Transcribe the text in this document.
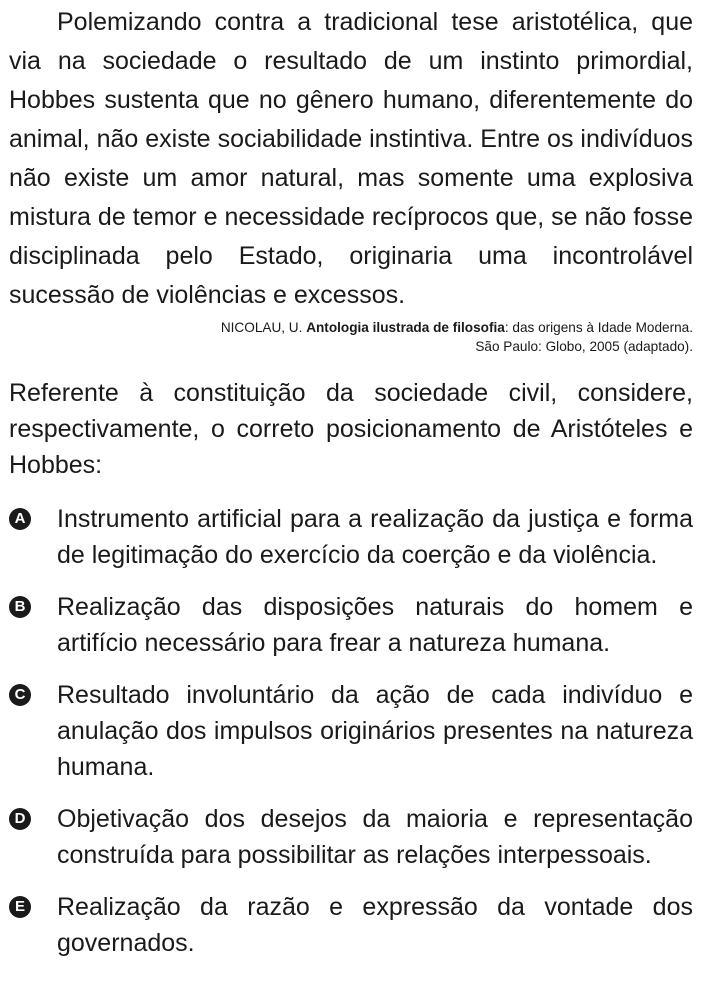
Polemizando contra a tradicional tese aristotélica, que via na sociedade o resultado de um instinto primordial, Hobbes sustenta que no gênero humano, diferentemente do animal, não existe sociabilidade instintiva. Entre os indivíduos não existe um amor natural, mas somente uma explosiva mistura de temor e necessidade recíprocos que, se não fosse disciplinada pelo Estado, originaria uma incontrolável sucessão de violências e excessos.

NICOLAU, U. Antologia ilustrada de filosofia: das origens à Idade Moderna.
São Paulo: Globo, 2005 (adaptado).

Referente à constituição da sociedade civil, considere, respectivamente, o correto posicionamento de Aristóteles e Hobbes:

A Instrumento artificial para a realização da justiça e forma de legitimação do exercício da coerção e da violência.
B Realização das disposições naturais do homem e artifício necessário para frear a natureza humana.
C Resultado involuntário da ação de cada indivíduo e anulação dos impulsos originários presentes na natureza humana.
D Objetivação dos desejos da maioria e representação construída para possibilitar as relações interpessoais.
E Realização da razão e expressão da vontade dos governados.
